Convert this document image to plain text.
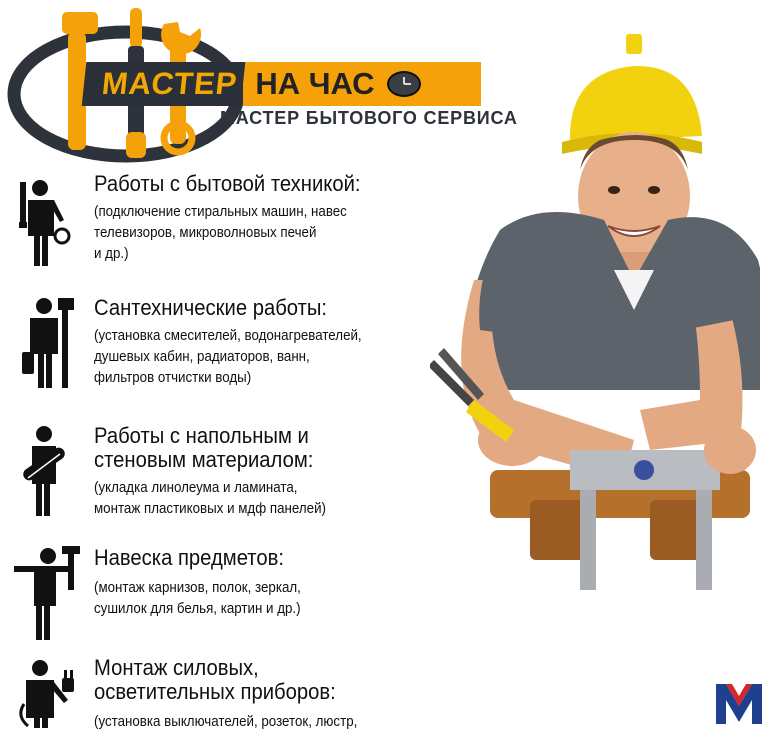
МАСТЕР НА ЧАС
МАСТЕР БЫТОВОГО СЕРВИСА
Работы с бытовой техникой:
(подключение стиральных машин, навес
телевизоров, микроволновых печей
и др.)
Сантехнические работы:
(установка смесителей, водонагревателей,
душевых кабин, радиаторов, ванн,
фильтров отчистки воды)
Работы с напольным и
стеновым материалом:
(укладка линолеума и ламината,
монтаж пластиковых и мдф панелей)
Навеска предметов:
(монтаж карнизов, полок, зеркал,
сушилок для белья, картин и др.)
Монтаж силовых,
осветительных приборов:
(установка выключателей, розеток, люстр,
